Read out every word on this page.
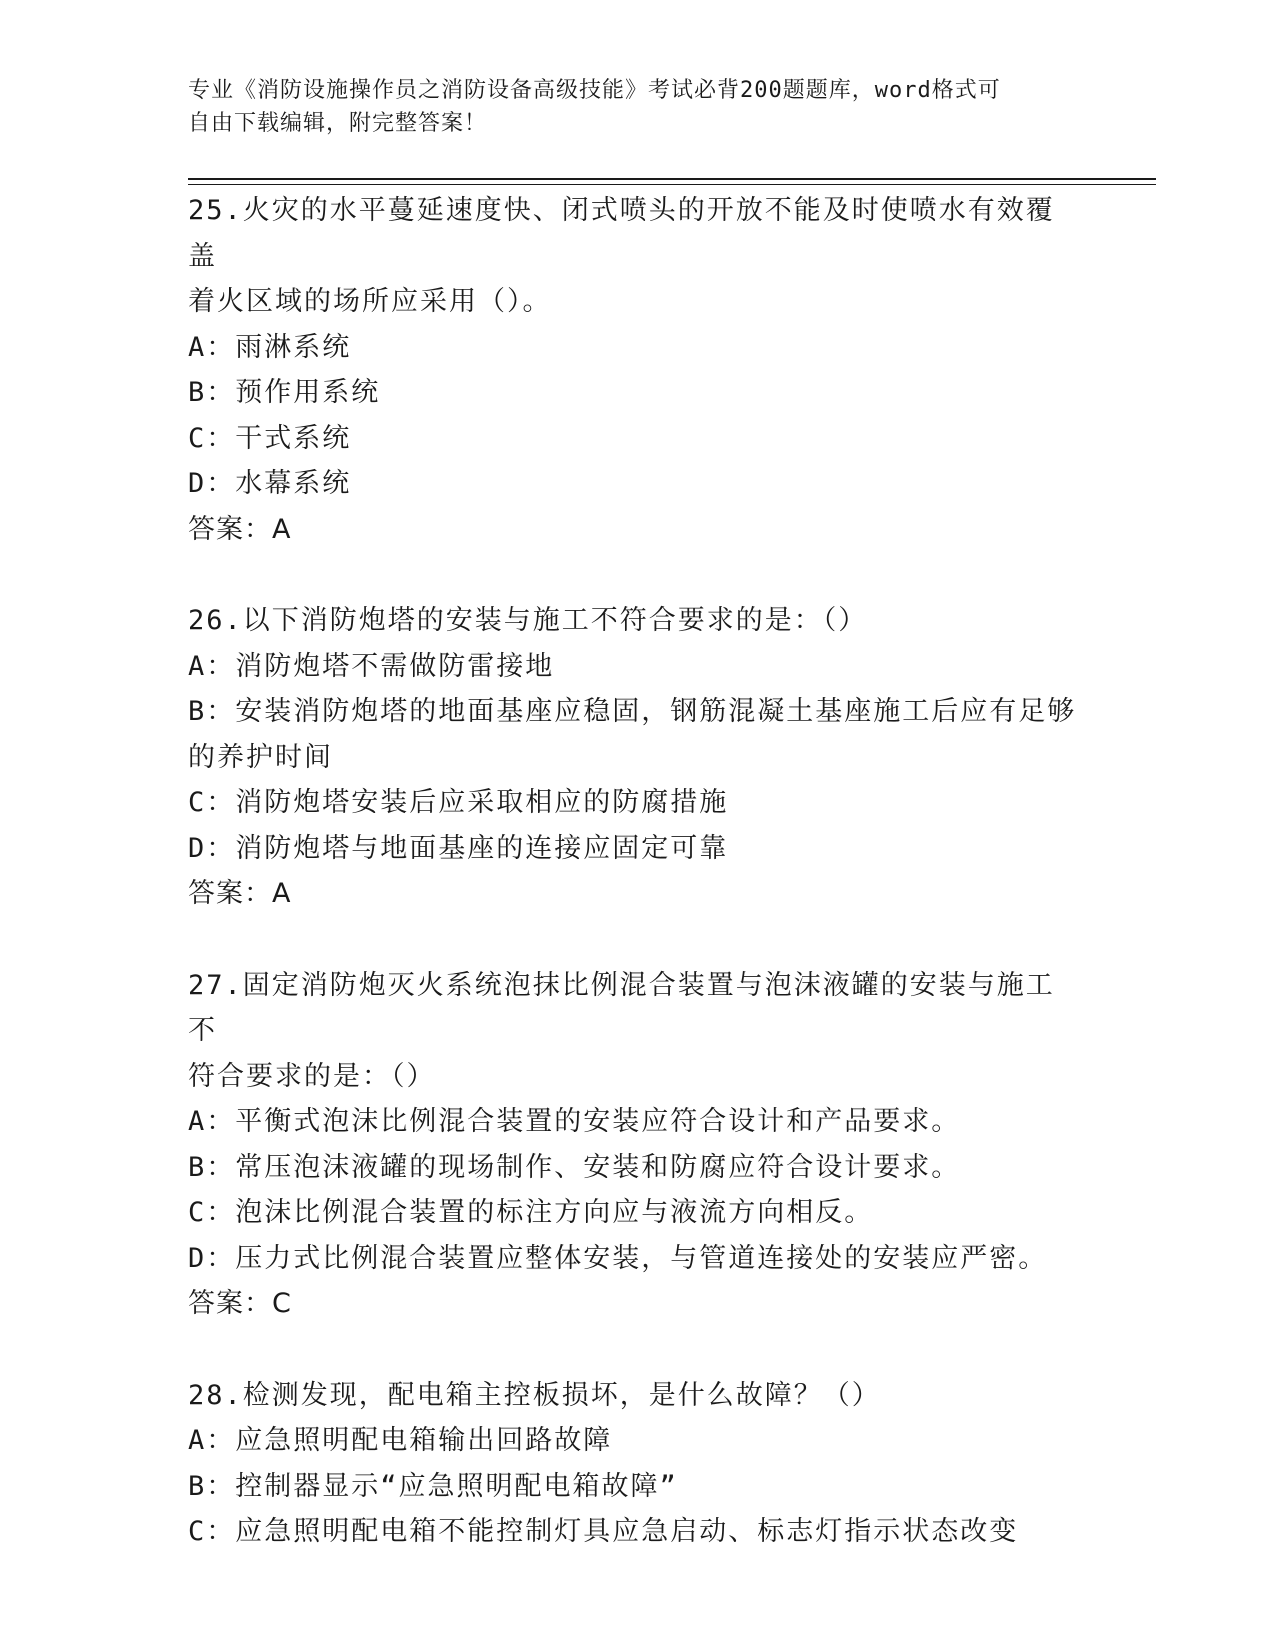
专业《消防设施操作员之消防设备高级技能》考试必背200题题库，word格式可
自由下载编辑，附完整答案！
25.火灾的水平蔓延速度快、闭式喷头的开放不能及时使喷水有效覆盖
着火区域的场所应采用（）。
A：雨淋系统
B：预作用系统
C：干式系统
D：水幕系统
答案：A
26.以下消防炮塔的安装与施工不符合要求的是：（）
A：消防炮塔不需做防雷接地
B：安装消防炮塔的地面基座应稳固，钢筋混凝土基座施工后应有足够
的养护时间
C：消防炮塔安装后应采取相应的防腐措施
D：消防炮塔与地面基座的连接应固定可靠
答案：A
27.固定消防炮灭火系统泡抹比例混合装置与泡沫液罐的安装与施工不
符合要求的是：（）
A：平衡式泡沫比例混合装置的安装应符合设计和产品要求。
B：常压泡沫液罐的现场制作、安装和防腐应符合设计要求。
C：泡沫比例混合装置的标注方向应与液流方向相反。
D：压力式比例混合装置应整体安装，与管道连接处的安装应严密。
答案：C
28.检测发现，配电箱主控板损坏，是什么故障？（）
A：应急照明配电箱输出回路故障
B：控制器显示“应急照明配电箱故障”
C：应急照明配电箱不能控制灯具应急启动、标志灯指示状态改变
